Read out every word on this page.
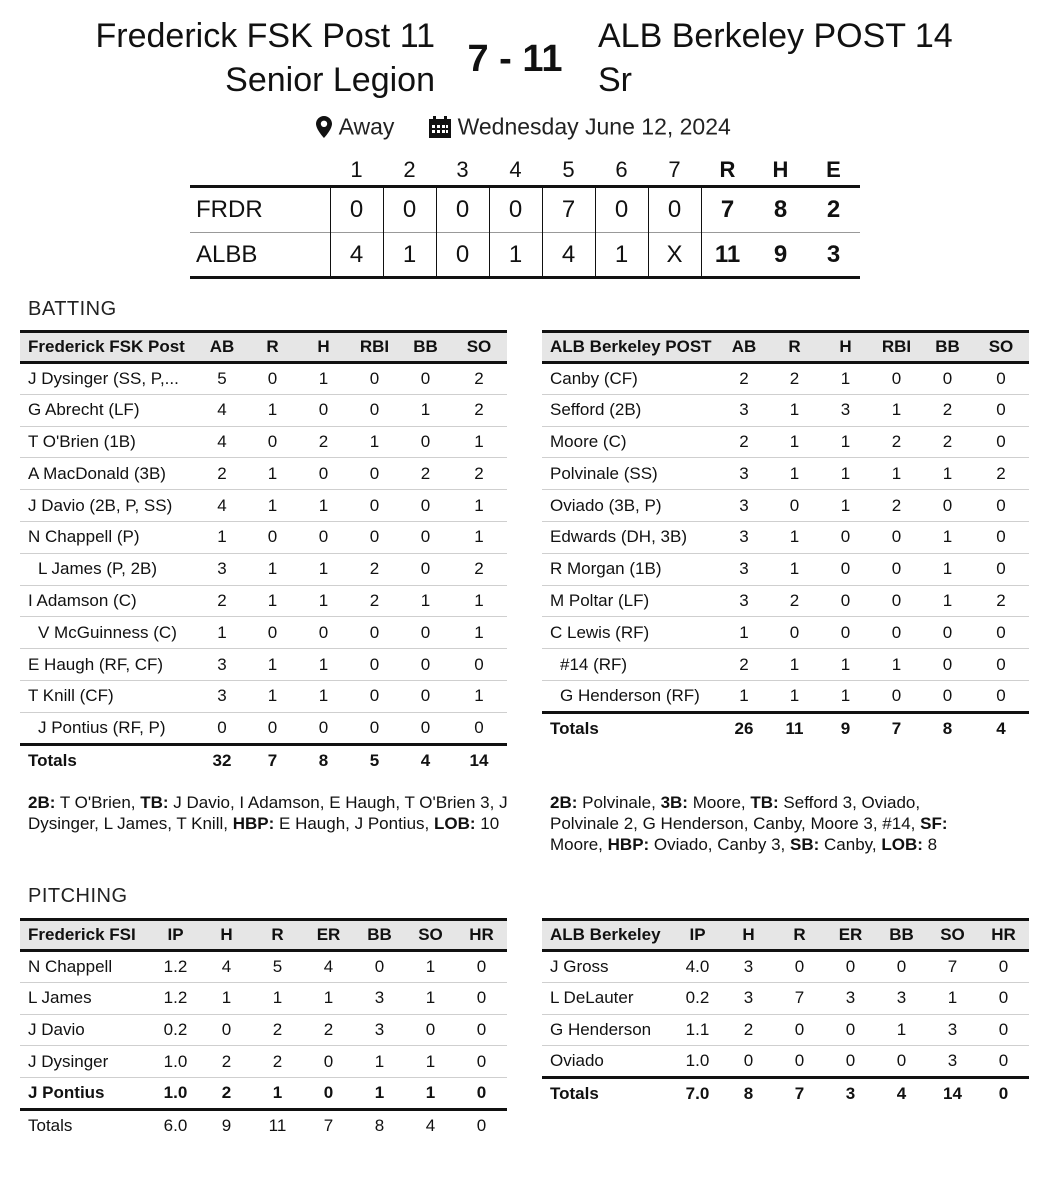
Frederick FSK Post 11
Senior Legion 7 - 11
ALB Berkeley POST 14
Sr
Away	Wednesday June 12, 2024
1	2	3	4	5	6	7	R	H	E
FRDR	0	0	0	0	7	0	0	7	8	2
ALBB	4	1	0	1	4	1	X	11	9	3
BATTING
Frederick FSK Post	AB	R	H	RBI	BB	SO
J Dysinger (SS, P,...	5	0	1	0	0	2
G Abrecht (LF)	4	1	0	0	1	2
T O'Brien (1B)	4	0	2	1	0	1
A MacDonald (3B)	2	1	0	0	2	2
J Davio (2B, P, SS)	4	1	1	0	0	1
N Chappell (P)	1	0	0	0	0	1
L James (P, 2B)	3	1	1	2	0	2
I Adamson (C)	2	1	1	2	1	1
V McGuinness (C)	1	0	0	0	0	1
E Haugh (RF, CF)	3	1	1	0	0	0
T Knill (CF)	3	1	1	0	0	1
J Pontius (RF, P)	0	0	0	0	0	0
Totals	32	7	8	5	4	14
ALB Berkeley POST	AB	R	H	RBI	BB	SO
Canby (CF)	2	2	1	0	0	0
Sefford (2B)	3	1	3	1	2	0
Moore (C)	2	1	1	2	2	0
Polvinale (SS)	3	1	1	1	1	2
Oviado (3B, P)	3	0	1	2	0	0
Edwards (DH, 3B)	3	1	0	0	1	0
R Morgan (1B)	3	1	0	0	1	0
M Poltar (LF)	3	2	0	0	1	2
C Lewis (RF)	1	0	0	0	0	0
#14 (RF)	2	1	1	1	0	0
G Henderson (RF)	1	1	1	0	0	0
Totals	26	11	9	7	8	4
2B: T O'Brien, TB: J Davio, I Adamson, E Haugh, T O'Brien 3, J Dysinger, L James, T Knill, HBP: E Haugh, J Pontius, LOB: 10
2B: Polvinale, 3B: Moore, TB: Sefford 3, Oviado, Polvinale 2, G Henderson, Canby, Moore 3, #14, SF: Moore, HBP: Oviado, Canby 3, SB: Canby, LOB: 8
PITCHING
Frederick FSI	IP	H	R	ER	BB	SO	HR
N Chappell	1.2	4	5	4	0	1	0
L James	1.2	1	1	1	3	1	0
J Davio	0.2	0	2	2	3	0	0
J Dysinger	1.0	2	2	0	1	1	0
J Pontius	1.0	2	1	0	1	1	0
Totals	6.0	9	11	7	8	4	0
ALB Berkeley	IP	H	R	ER	BB	SO	HR
J Gross	4.0	3	0	0	0	7	0
L DeLauter	0.2	3	7	3	3	1	0
G Henderson	1.1	2	0	0	1	3	0
Oviado	1.0	0	0	0	0	3	0
Totals	7.0	8	7	3	4	14	0
